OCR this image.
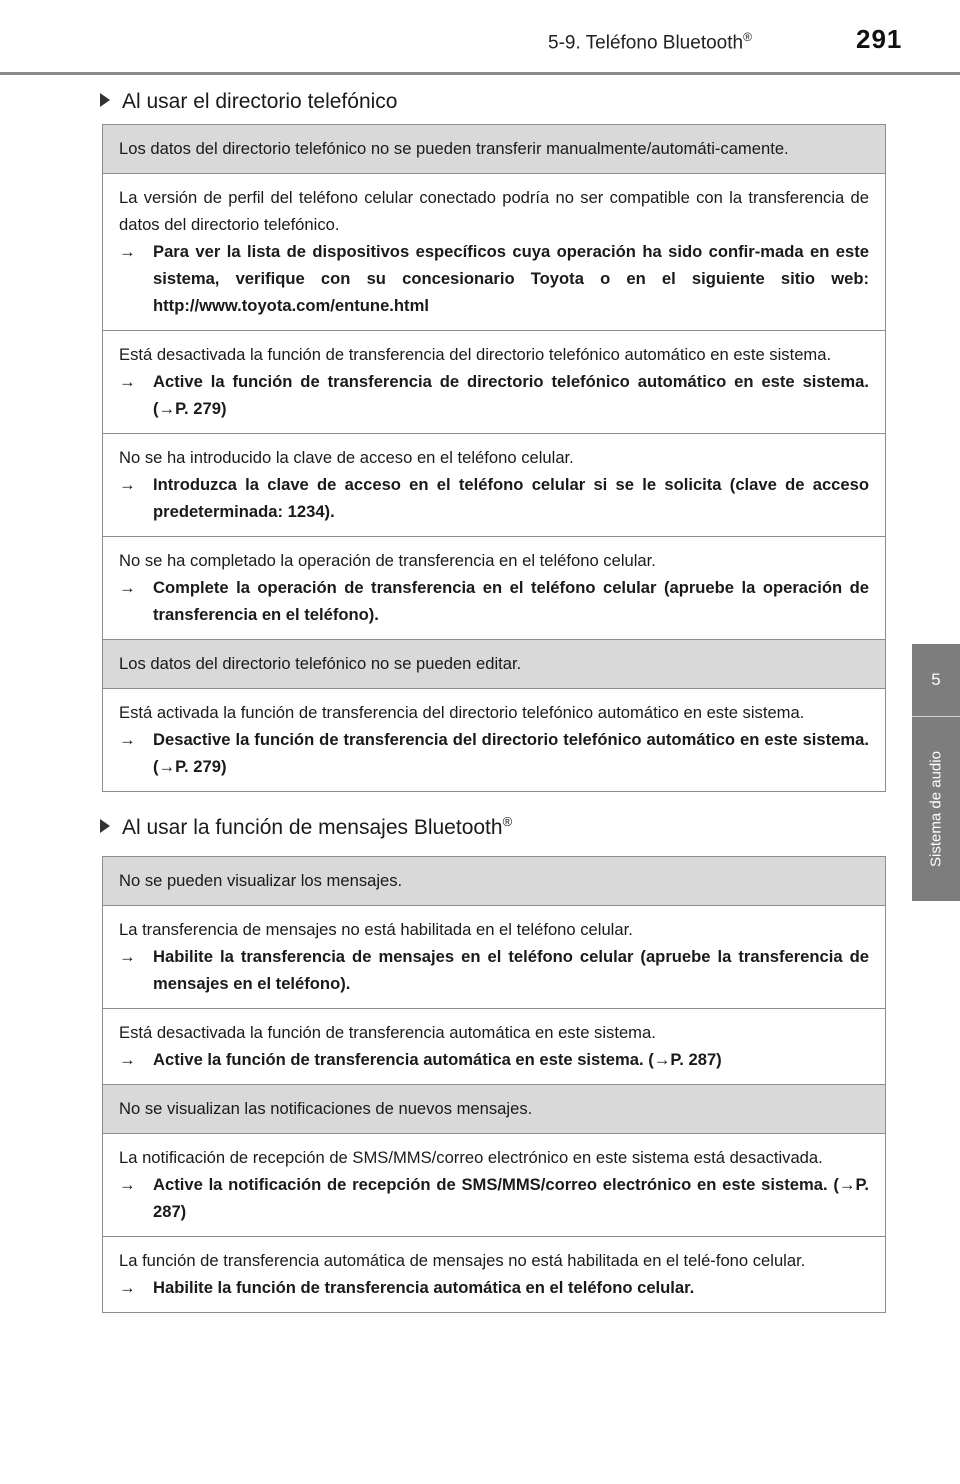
5-9. Teléfono Bluetooth®	291
5
Sistema de audio
Al usar el directorio telefónico
Los datos del directorio telefónico no se pueden transferir manualmente/automáti-camente.
La versión de perfil del teléfono celular conectado podría no ser compatible con la transferencia de datos del directorio telefónico.
→ Para ver la lista de dispositivos específicos cuya operación ha sido confir-mada en este sistema, verifique con su concesionario Toyota o en el siguiente sitio web: http://www.toyota.com/entune.html
Está desactivada la función de transferencia del directorio telefónico automático en este sistema.
→ Active la función de transferencia de directorio telefónico automático en este sistema. (→P. 279)
No se ha introducido la clave de acceso en el teléfono celular.
→ Introduzca la clave de acceso en el teléfono celular si se le solicita (clave de acceso predeterminada: 1234).
No se ha completado la operación de transferencia en el teléfono celular.
→ Complete la operación de transferencia en el teléfono celular (apruebe la operación de transferencia en el teléfono).
Los datos del directorio telefónico no se pueden editar.
Está activada la función de transferencia del directorio telefónico automático en este sistema.
→ Desactive la función de transferencia del directorio telefónico automático en este sistema. (→P. 279)
Al usar la función de mensajes Bluetooth®
No se pueden visualizar los mensajes.
La transferencia de mensajes no está habilitada en el teléfono celular.
→ Habilite la transferencia de mensajes en el teléfono celular (apruebe la transferencia de mensajes en el teléfono).
Está desactivada la función de transferencia automática en este sistema.
→ Active la función de transferencia automática en este sistema. (→P. 287)
No se visualizan las notificaciones de nuevos mensajes.
La notificación de recepción de SMS/MMS/correo electrónico en este sistema está desactivada.
→ Active la notificación de recepción de SMS/MMS/correo electrónico en este sistema. (→P. 287)
La función de transferencia automática de mensajes no está habilitada en el telé-fono celular.
→ Habilite la función de transferencia automática en el teléfono celular.
